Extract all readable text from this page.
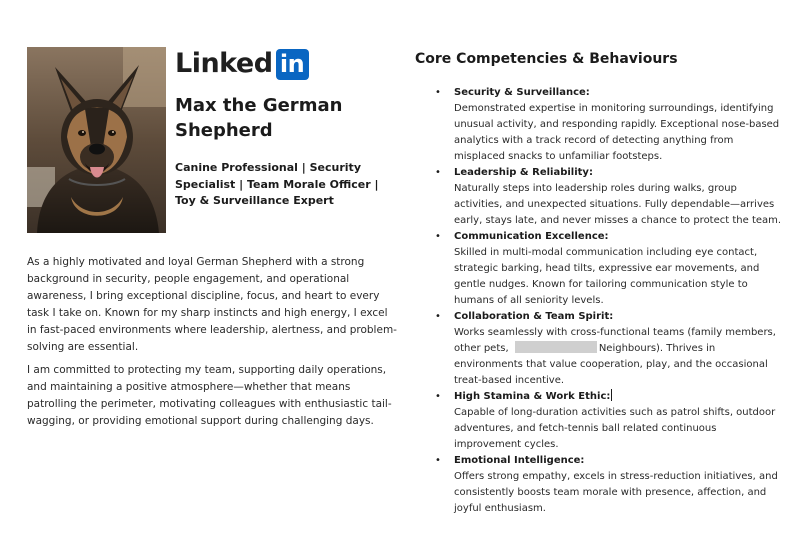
Linked in
Max the German Shepherd
Canine Professional | Security Specialist | Team Morale Officer | Toy & Surveillance Expert

As a highly motivated and loyal German Shepherd with a strong background in security, people engagement, and operational awareness, I bring exceptional discipline, focus, and heart to every task I take on. Known for my sharp instincts and high energy, I excel in fast-paced environments where leadership, alertness, and problem-solving are essential.

I am committed to protecting my team, supporting daily operations, and maintaining a positive atmosphere—whether that means patrolling the perimeter, motivating colleagues with enthusiastic tail-wagging, or providing emotional support during challenging days.

Core Competencies & Behaviours
• Security & Surveillance:
Demonstrated expertise in monitoring surroundings, identifying unusual activity, and responding rapidly. Exceptional nose-based analytics with a track record of detecting anything from misplaced snacks to unfamiliar footsteps.
• Leadership & Reliability:
Naturally steps into leadership roles during walks, group activities, and unexpected situations. Fully dependable—arrives early, stays late, and never misses a chance to protect the team.
• Communication Excellence:
Skilled in multi-modal communication including eye contact, strategic barking, head tilts, expressive ear movements, and gentle nudges. Known for tailoring communication style to humans of all seniority levels.
• Collaboration & Team Spirit:
Works seamlessly with cross-functional teams (family members, other pets,	Neighbours). Thrives in environments that value cooperation, play, and the occasional treat-based incentive.
• High Stamina & Work Ethic:
Capable of long-duration activities such as patrol shifts, outdoor adventures, and fetch-tennis ball related continuous improvement cycles.
• Emotional Intelligence:
Offers strong empathy, excels in stress-reduction initiatives, and consistently boosts team morale with presence, affection, and joyful enthusiasm.
